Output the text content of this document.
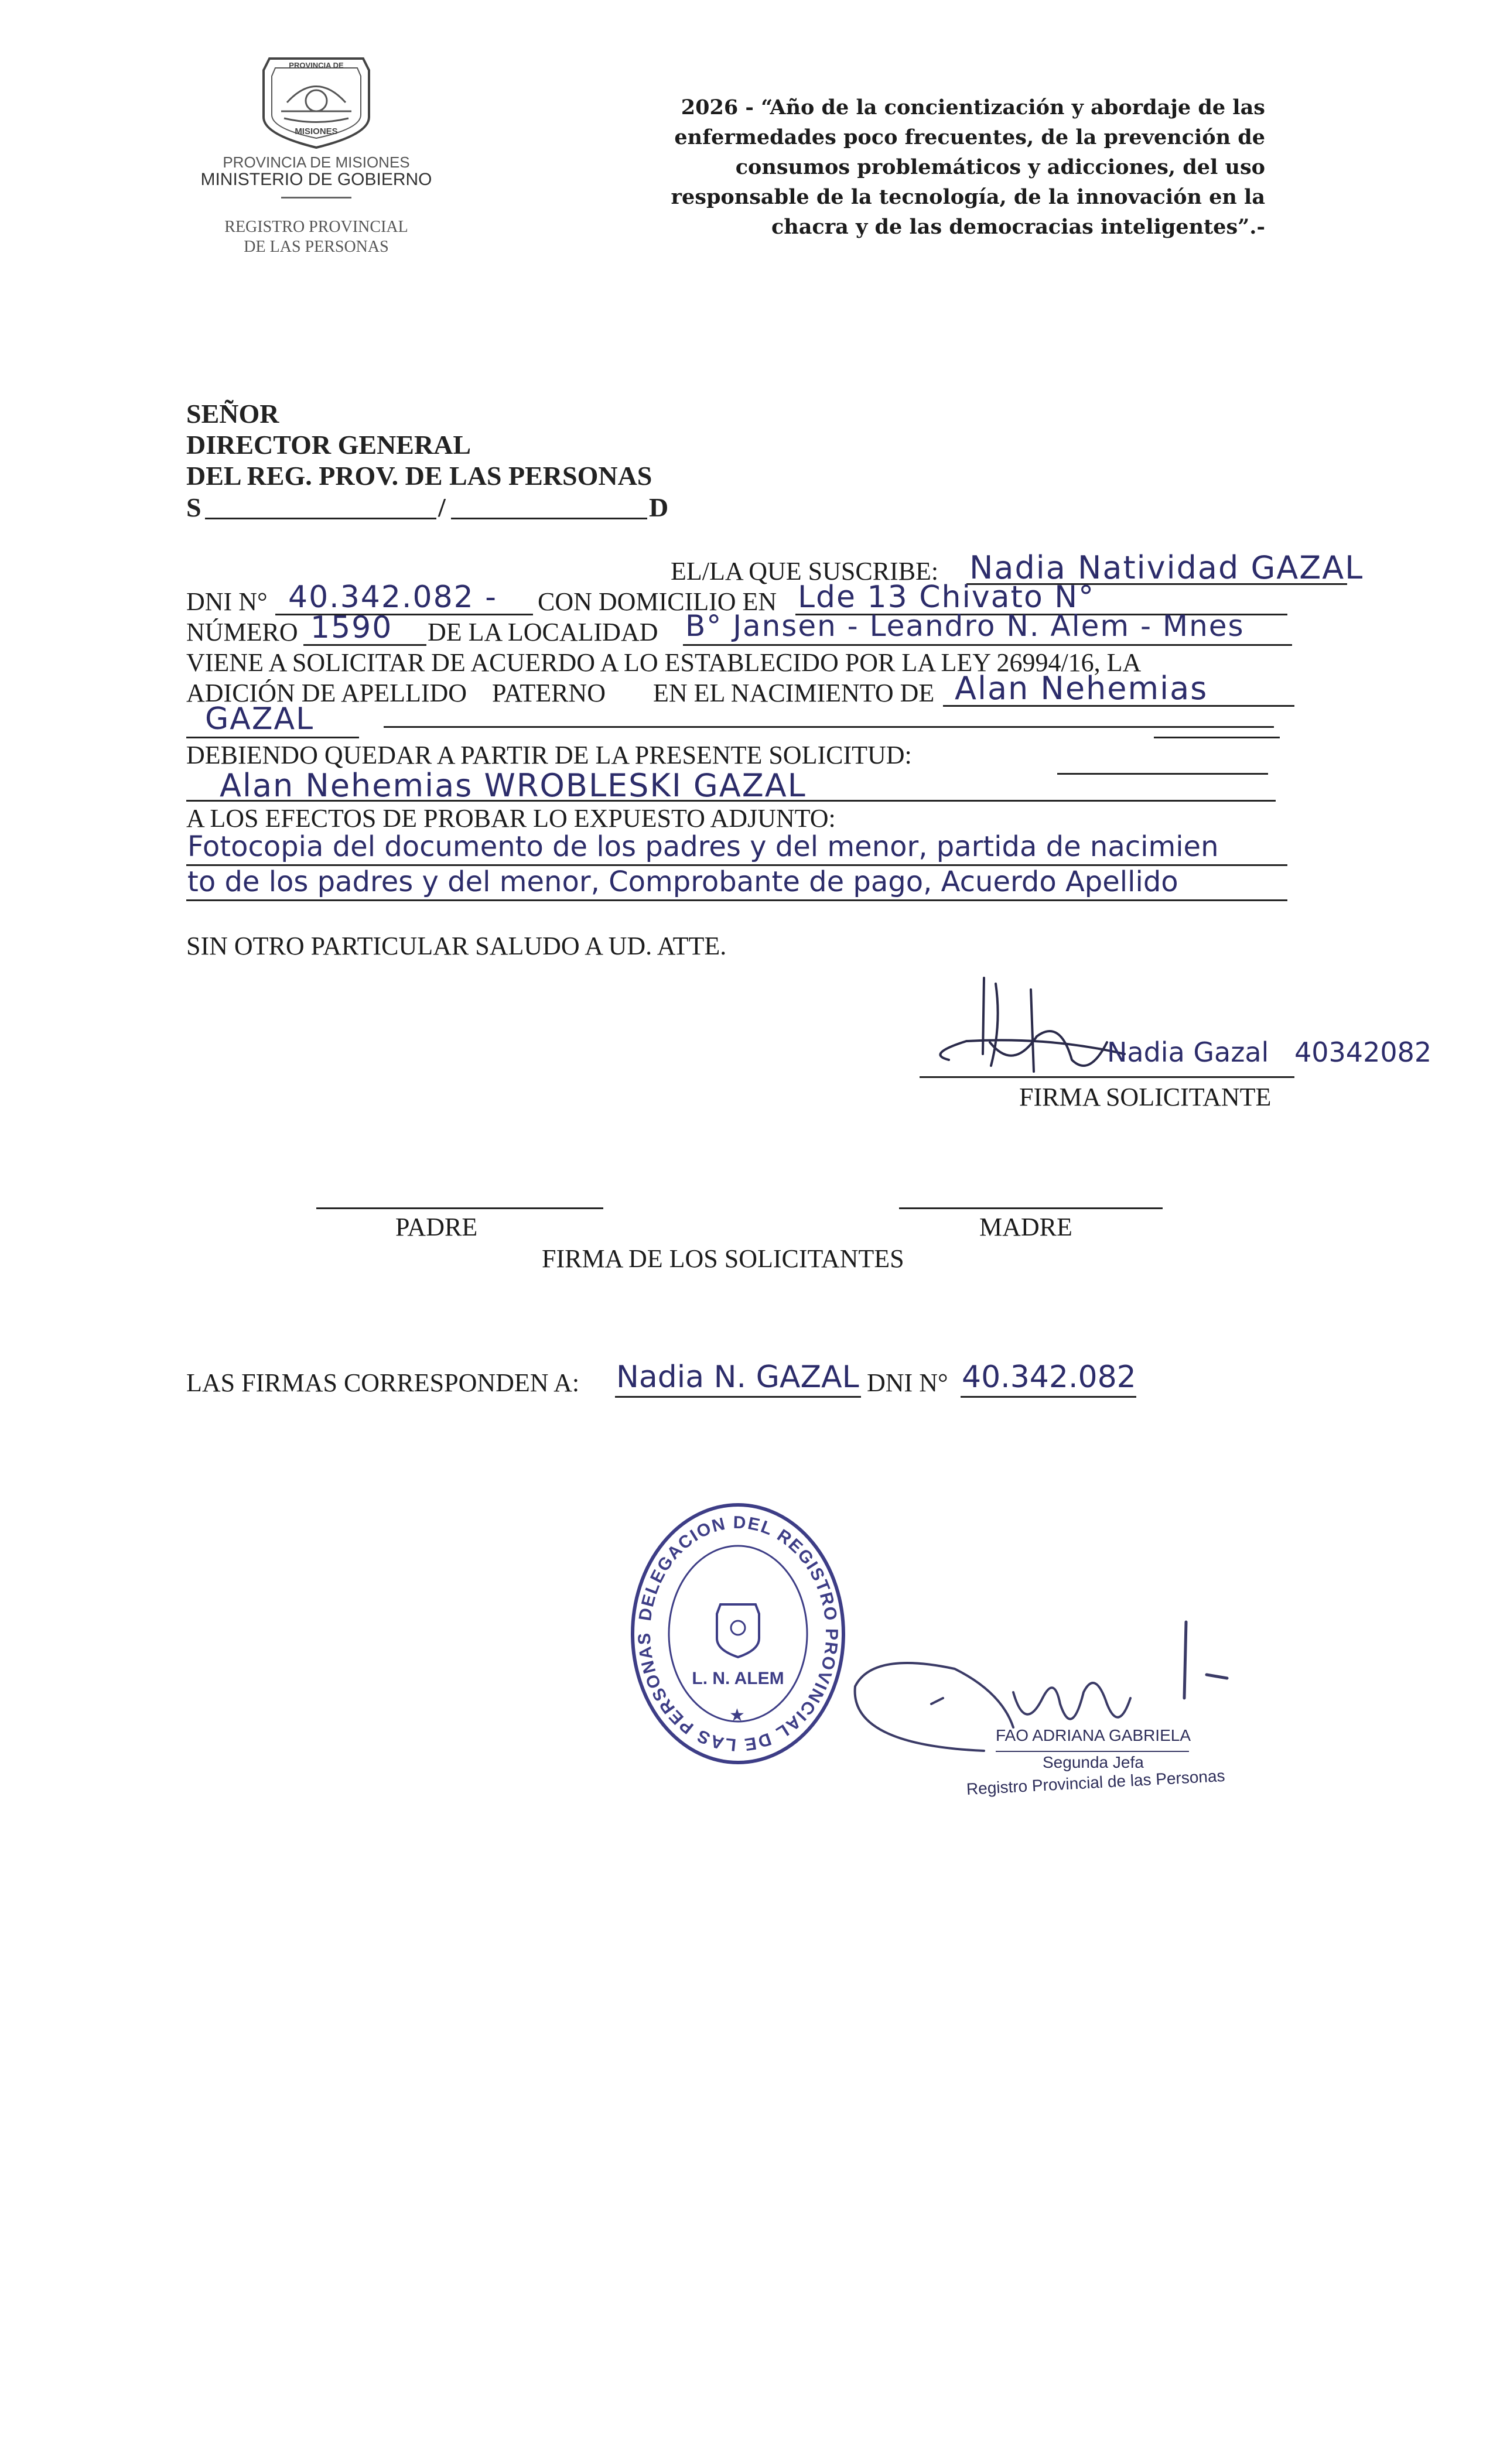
PROVINCIA DE
MISIONES
PROVINCIA DE MISIONES
MINISTERIO DE GOBIERNO
REGISTRO PROVINCIAL
DE LAS PERSONAS
2026 - “Año de la concientización y abordaje de las
enfermedades poco frecuentes, de la prevención de
consumos problemáticos y adicciones, del uso
responsable de la tecnología, de la innovación en la
chacra y de las democracias inteligentes”.-
SEÑOR
DIRECTOR GENERAL
DEL REG. PROV. DE LAS PERSONAS
S	/	D
EL/LA QUE SUSCRIBE: Nadia Natividad GAZAL
DNI N° 40.342.082 - CON DOMICILIO EN Lde 13 Chivato N°
NÚMERO 1590 DE LA LOCALIDAD B° Jansen - Leandro N. Alem - Mnes
VIENE A SOLICITAR DE ACUERDO A LO ESTABLECIDO POR LA LEY 26994/16, LA
ADICIÓN DE APELLIDO PATERNO EN EL NACIMIENTO DE Alan Nehemias
GAZAL
DEBIENDO QUEDAR A PARTIR DE LA PRESENTE SOLICITUD:
Alan Nehemias WROBLESKI GAZAL
A LOS EFECTOS DE PROBAR LO EXPUESTO ADJUNTO:
Fotocopia del documento de los padres y del menor, partida de nacimien
to de los padres y del menor, Comprobante de pago, Acuerdo Apellido
SIN OTRO PARTICULAR SALUDO A UD. ATTE.
Nadia Gazal 40342082
FIRMA SOLICITANTE
PADRE	MADRE
FIRMA DE LOS SOLICITANTES
LAS FIRMAS CORRESPONDEN A: Nadia N. GAZAL DNI N° 40.342.082
DELEGACION DEL REGISTRO PROVINCIAL DE LAS PERSONAS
L. N. ALEM
★
FAO ADRIANA GABRIELA
Segunda Jefa
Registro Provincial de las Personas
